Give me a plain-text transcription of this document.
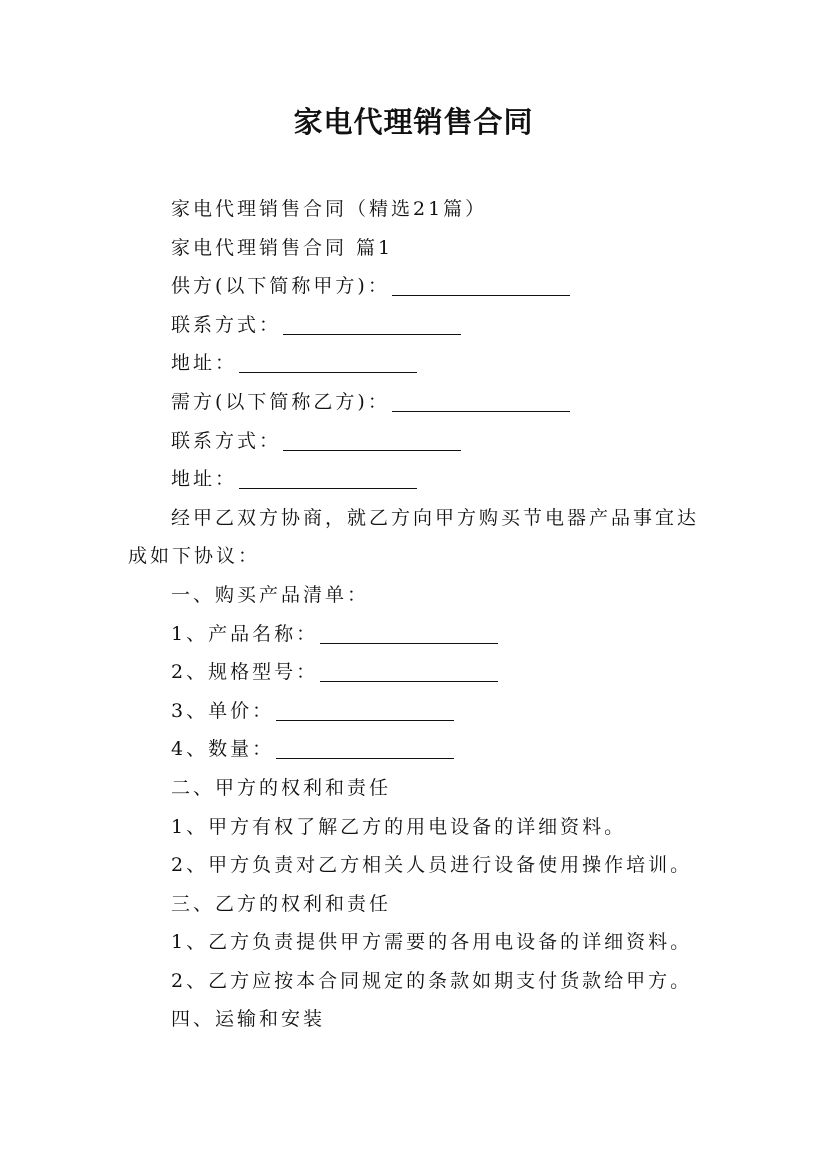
家电代理销售合同
家电代理销售合同（精选21篇）
家电代理销售合同 篇1
供方(以下简称甲方)：
联系方式：
地址：
需方(以下简称乙方)：
联系方式：
地址：
经甲乙双方协商，就乙方向甲方购买节电器产品事宜达成如下协议：
一、购买产品清单：
1、产品名称：
2、规格型号：
3、单价：
4、数量：
二、甲方的权利和责任
1、甲方有权了解乙方的用电设备的详细资料。
2、甲方负责对乙方相关人员进行设备使用操作培训。
三、乙方的权利和责任
1、乙方负责提供甲方需要的各用电设备的详细资料。
2、乙方应按本合同规定的条款如期支付货款给甲方。
四、运输和安装
